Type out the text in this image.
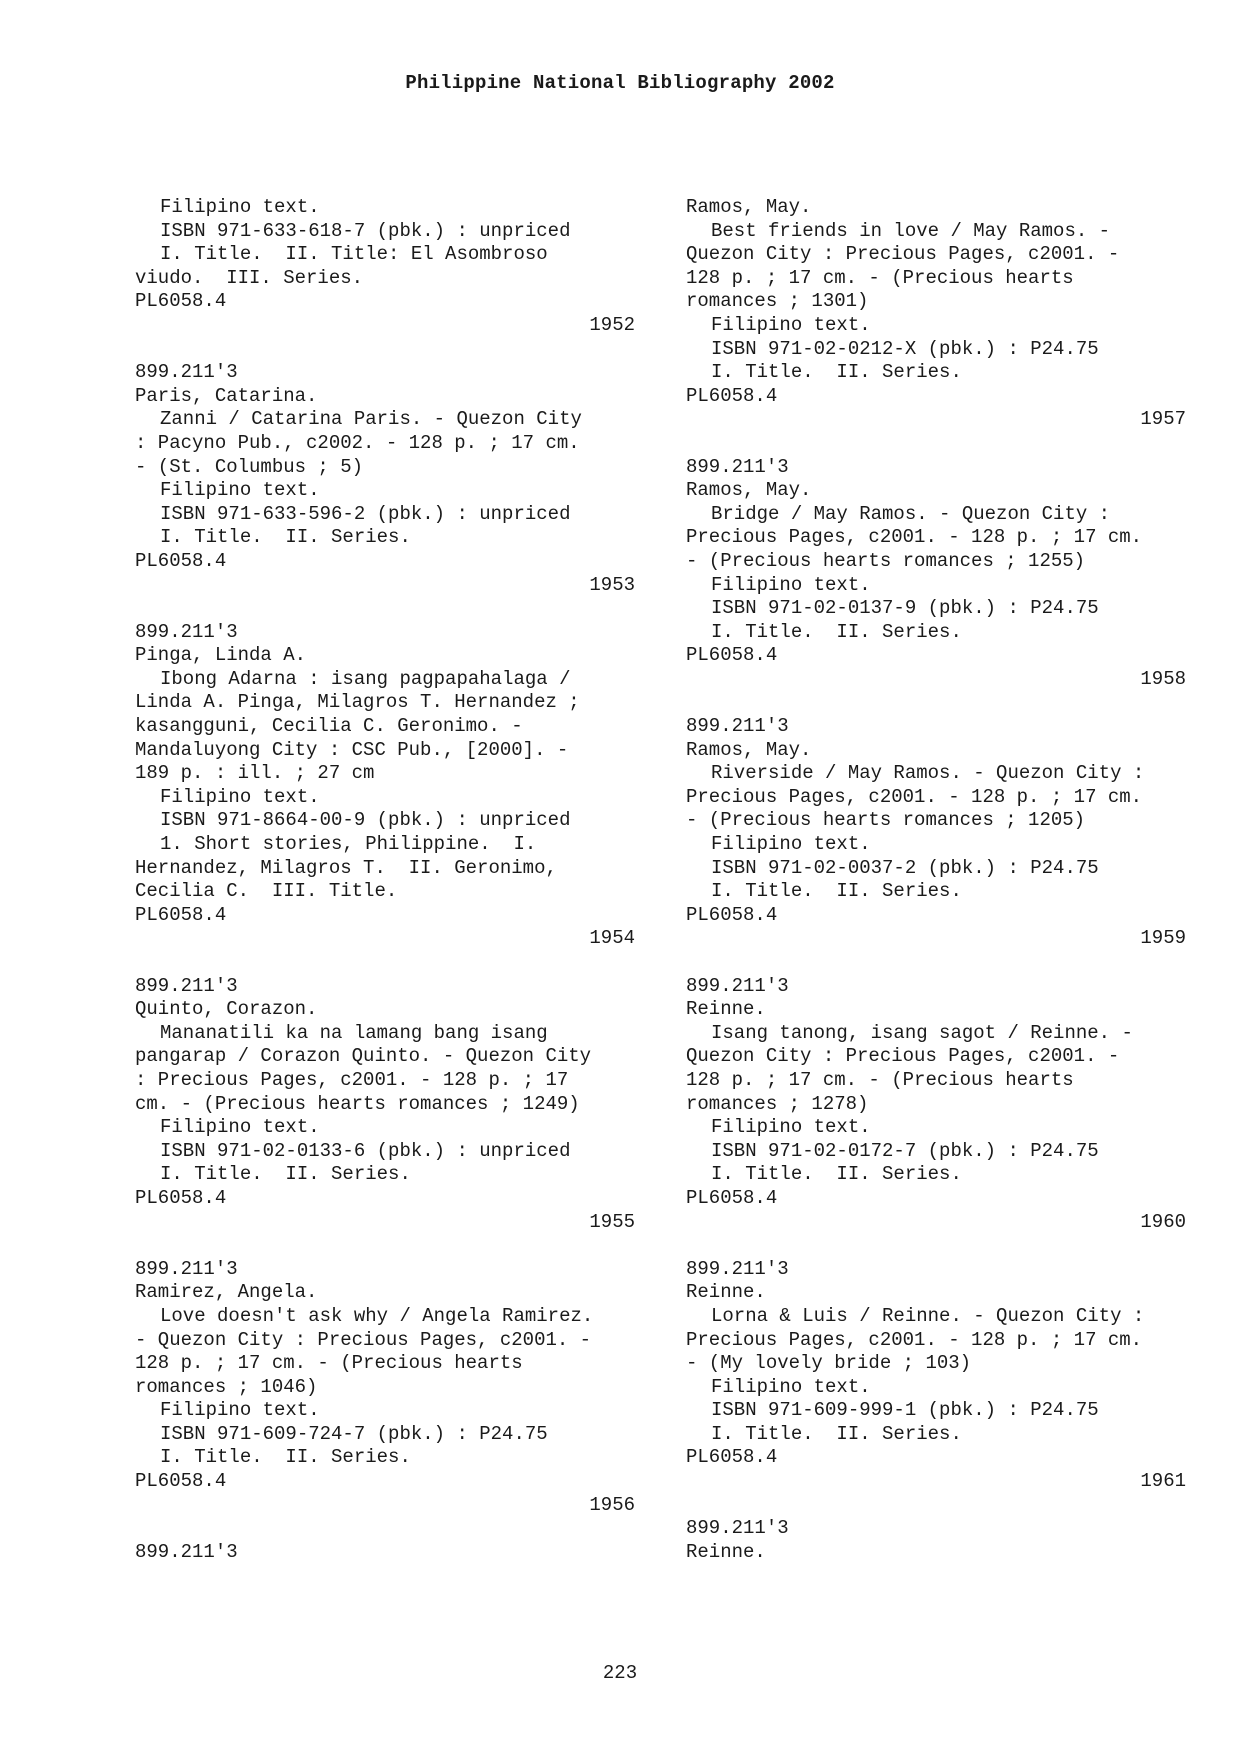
Philippine National Bibliography 2002
Filipino text.
ISBN 971-633-618-7 (pbk.) : unpriced
I. Title.  II. Title: El Asombroso
viudo.  III. Series.
PL6058.4
1952
899.211'3
Paris, Catarina.
Zanni / Catarina Paris. - Quezon City
: Pacyno Pub., c2002. - 128 p. ; 17 cm.
- (St. Columbus ; 5)
Filipino text.
ISBN 971-633-596-2 (pbk.) : unpriced
I. Title.  II. Series.
PL6058.4
1953
899.211'3
Pinga, Linda A.
Ibong Adarna : isang pagpapahalaga /
Linda A. Pinga, Milagros T. Hernandez ;
kasangguni, Cecilia C. Geronimo. -
Mandaluyong City : CSC Pub., [2000]. -
189 p. : ill. ; 27 cm
Filipino text.
ISBN 971-8664-00-9 (pbk.) : unpriced
1. Short stories, Philippine.  I.
Hernandez, Milagros T.  II. Geronimo,
Cecilia C.  III. Title.
PL6058.4
1954
899.211'3
Quinto, Corazon.
Mananatili ka na lamang bang isang
pangarap / Corazon Quinto. - Quezon City
: Precious Pages, c2001. - 128 p. ; 17
cm. - (Precious hearts romances ; 1249)
Filipino text.
ISBN 971-02-0133-6 (pbk.) : unpriced
I. Title.  II. Series.
PL6058.4
1955
899.211'3
Ramirez, Angela.
Love doesn't ask why / Angela Ramirez.
- Quezon City : Precious Pages, c2001. -
128 p. ; 17 cm. - (Precious hearts
romances ; 1046)
Filipino text.
ISBN 971-609-724-7 (pbk.) : P24.75
I. Title.  II. Series.
PL6058.4
1956
899.211'3
Ramos, May.
Best friends in love / May Ramos. -
Quezon City : Precious Pages, c2001. -
128 p. ; 17 cm. - (Precious hearts
romances ; 1301)
Filipino text.
ISBN 971-02-0212-X (pbk.) : P24.75
I. Title.  II. Series.
PL6058.4
1957
899.211'3
Ramos, May.
Bridge / May Ramos. - Quezon City :
Precious Pages, c2001. - 128 p. ; 17 cm.
- (Precious hearts romances ; 1255)
Filipino text.
ISBN 971-02-0137-9 (pbk.) : P24.75
I. Title.  II. Series.
PL6058.4
1958
899.211'3
Ramos, May.
Riverside / May Ramos. - Quezon City :
Precious Pages, c2001. - 128 p. ; 17 cm.
- (Precious hearts romances ; 1205)
Filipino text.
ISBN 971-02-0037-2 (pbk.) : P24.75
I. Title.  II. Series.
PL6058.4
1959
899.211'3
Reinne.
Isang tanong, isang sagot / Reinne. -
Quezon City : Precious Pages, c2001. -
128 p. ; 17 cm. - (Precious hearts
romances ; 1278)
Filipino text.
ISBN 971-02-0172-7 (pbk.) : P24.75
I. Title.  II. Series.
PL6058.4
1960
899.211'3
Reinne.
Lorna & Luis / Reinne. - Quezon City :
Precious Pages, c2001. - 128 p. ; 17 cm.
- (My lovely bride ; 103)
Filipino text.
ISBN 971-609-999-1 (pbk.) : P24.75
I. Title.  II. Series.
PL6058.4
1961
899.211'3
Reinne.
223
